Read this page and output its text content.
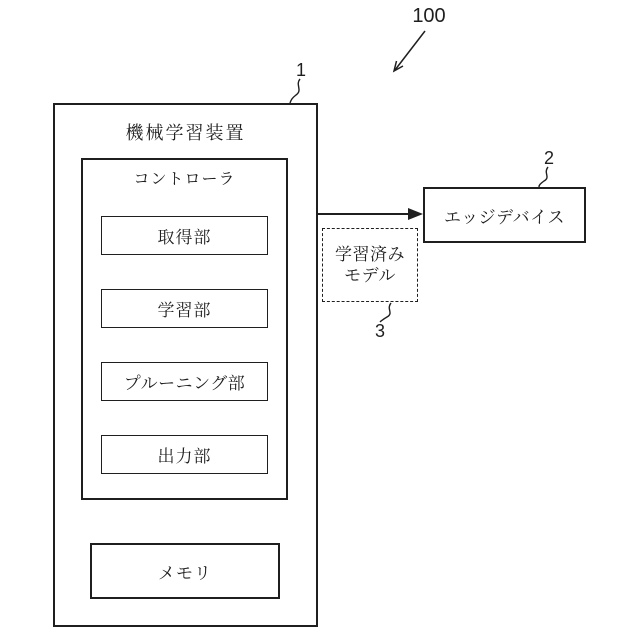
100
1
2
3
機械学習装置
コントローラ
取得部
学習部
プルーニング部
出力部
メモリ
エッジデバイス
学習済み
モデル
